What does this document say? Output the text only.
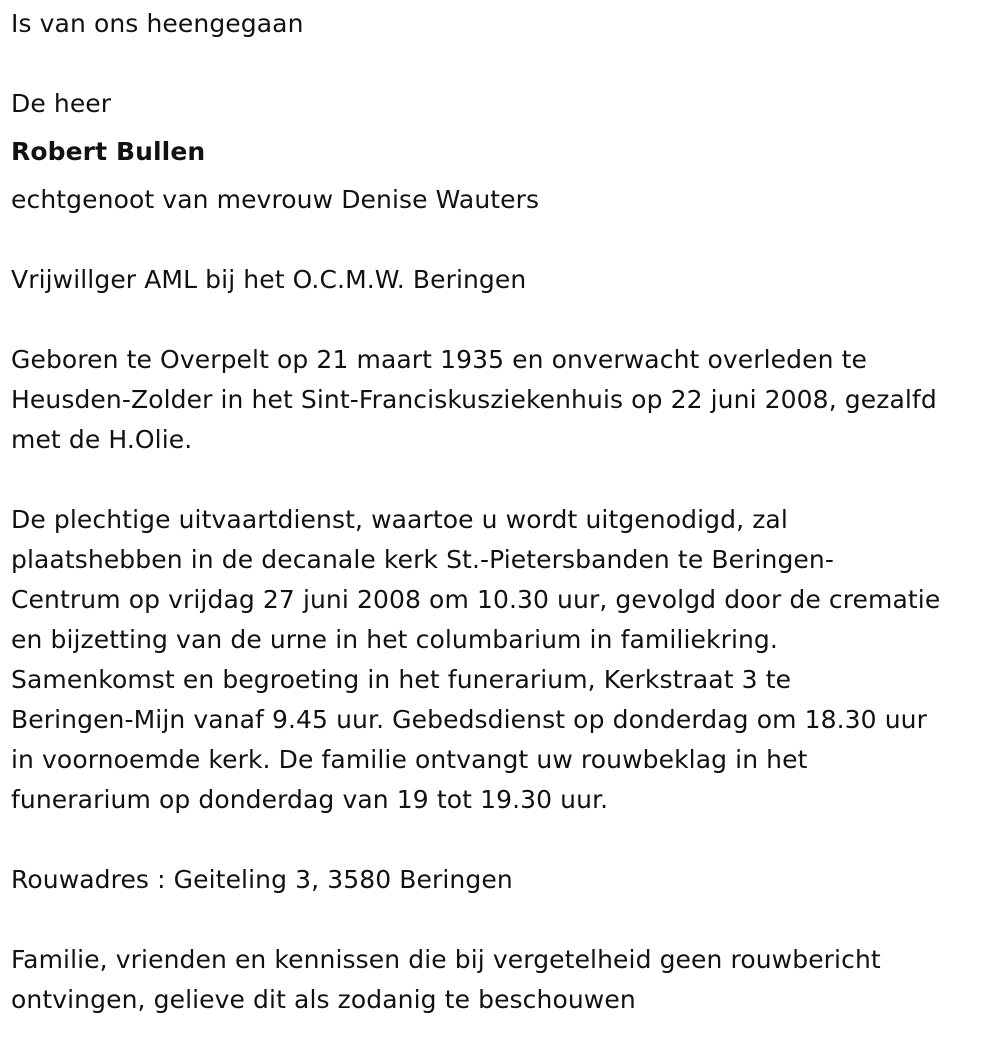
Is van ons heengegaan
De heer
Robert Bullen
echtgenoot van mevrouw Denise Wauters
Vrijwillger AML bij het O.C.M.W. Beringen
Geboren te Overpelt op 21 maart 1935 en onverwacht overleden te
Heusden-Zolder in het Sint-Franciskusziekenhuis op 22 juni 2008, gezalfd
met de H.Olie.
De plechtige uitvaartdienst, waartoe u wordt uitgenodigd, zal
plaatshebben in de decanale kerk St.-Pietersbanden te Beringen-
Centrum op vrijdag 27 juni 2008 om 10.30 uur, gevolgd door de crematie
en bijzetting van de urne in het columbarium in familiekring.
Samenkomst en begroeting in het funerarium, Kerkstraat 3 te
Beringen-Mijn vanaf 9.45 uur. Gebedsdienst op donderdag om 18.30 uur
in voornoemde kerk. De familie ontvangt uw rouwbeklag in het
funerarium op donderdag van 19 tot 19.30 uur.
Rouwadres : Geiteling 3, 3580 Beringen
Familie, vrienden en kennissen die bij vergetelheid geen rouwbericht
ontvingen, gelieve dit als zodanig te beschouwen
